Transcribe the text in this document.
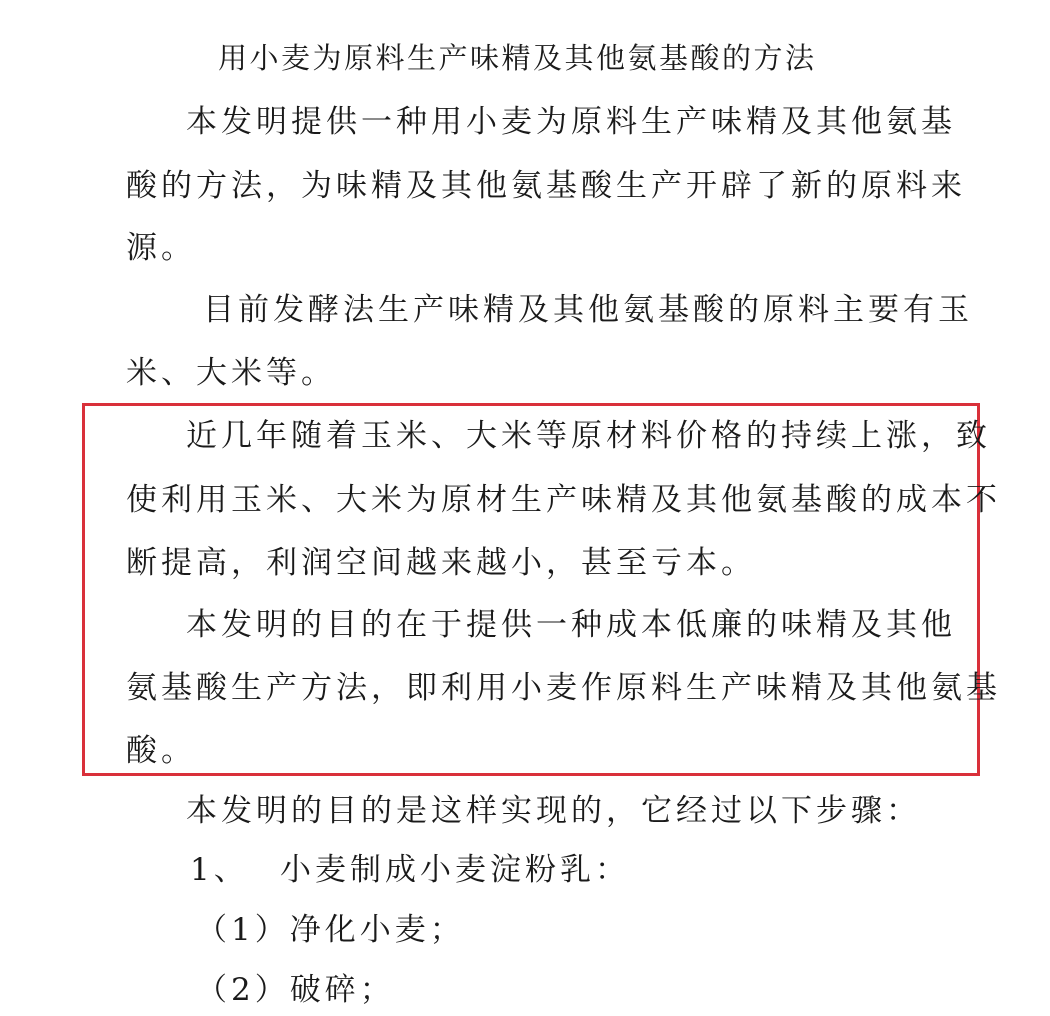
用小麦为原料生产味精及其他氨基酸的方法

本发明提供一种用小麦为原料生产味精及其他氨基

酸的方法，为味精及其他氨基酸生产开辟了新的原料来

源。

目前发酵法生产味精及其他氨基酸的原料主要有玉

米、大米等。

近几年随着玉米、大米等原材料价格的持续上涨，致

使利用玉米、大米为原材生产味精及其他氨基酸的成本不

断提高，利润空间越来越小，甚至亏本。

本发明的目的在于提供一种成本低廉的味精及其他

氨基酸生产方法，即利用小麦作原料生产味精及其他氨基

酸。

本发明的目的是这样实现的，它经过以下步骤：

1、 小麦制成小麦淀粉乳：

（1）净化小麦；

（2）破碎；
